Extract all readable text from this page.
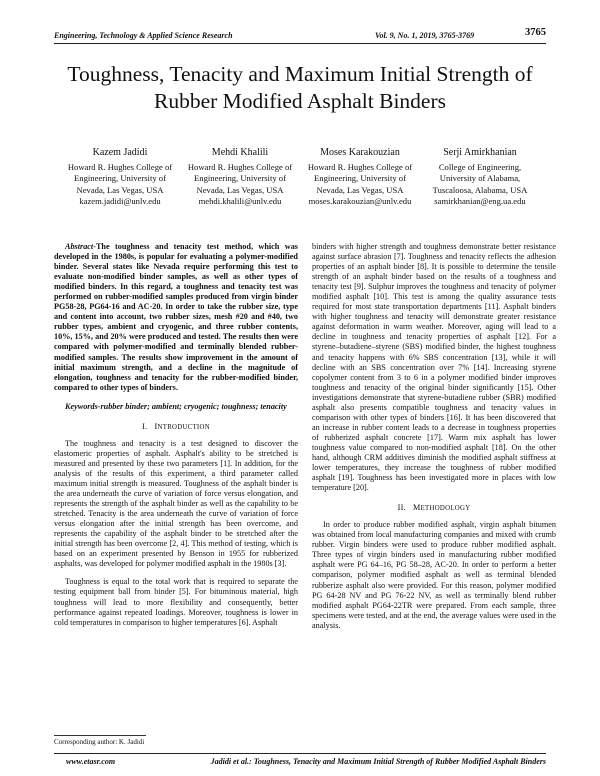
Engineering, Technology & Applied Science Research	Vol. 9, No. 1, 2019, 3765-3769	3765
Toughness, Tenacity and Maximum Initial Strength of Rubber Modified Asphalt Binders
Kazem Jadidi
Howard R. Hughes College of
Engineering, University of
Nevada, Las Vegas, USA
kazem.jadidi@unlv.edu
Mehdi Khalili
Howard R. Hughes College of
Engineering, University of
Nevada, Las Vegas, USA
mehdi.khalili@unlv.edu
Moses Karakouzian
Howard R. Hughes College of
Engineering, University of
Nevada, Las Vegas, USA
moses.karakouzian@unlv.edu
Serji Amirkhanian
College of Engineering,
University of Alabama,
Tuscaloosa, Alabama, USA
samirkhanian@eng.ua.edu

Abstract-The toughness and tenacity test method, which was developed in the 1980s, is popular for evaluating a polymer-modified binder. Several states like Nevada require performing this test to evaluate non-modified binder samples, as well as other types of modified binders. In this regard, a toughness and tenacity test was performed on rubber-modified samples produced from virgin binder PG58-28, PG64-16 and AC-20. In order to take the rubber size, type and content into account, two rubber sizes, mesh #20 and #40, two rubber types, ambient and cryogenic, and three rubber contents, 10%, 15%, and 20% were produced and tested. The results then were compared with polymer-modified and terminally blended rubber-modified samples. The results show improvement in the amount of initial maximum strength, and a decline in the magnitude of elongation, toughness and tenacity for the rubber-modified binder, compared to other types of binders.

Keywords-rubber binder; ambient; cryogenic; toughness; tenacity

I. INTRODUCTION

The toughness and tenacity is a test designed to discover the elastomeric properties of asphalt. Asphalt's ability to be stretched is measured and presented by these two parameters [1]. In addition, for the analysis of the results of this experiment, a third parameter called maximum initial strength is measured. Toughness of the asphalt binder is the area underneath the curve of variation of force versus elongation, and represents the strength of the asphalt binder as well as the capability to be stretched. Tenacity is the area underneath the curve of variation of force versus elongation after the initial strength has been overcome, and represents the capability of the asphalt binder to be stretched after the initial strength has been overcome [2, 4]. This method of testing, which is based on an experiment presented by Benson in 1955 for rubberized asphalts, was developed for polymer modified asphalt in the 1980s [3].

Toughness is equal to the total work that is required to separate the testing equipment ball from binder [5]. For bituminous material, high toughness will lead to more flexibility and consequently, better performance against repeated loadings. Moreover, toughness is lower in cold temperatures in comparison to higher temperatures [6]. Asphalt

binders with higher strength and toughness demonstrate better resistance against surface abrasion [7]. Toughness and tenacity reflects the adhesion properties of an asphalt binder [8]. It is possible to determine the tensile strength of an asphalt binder based on the results of a toughness and tenacity test [9]. Sulphur improves the toughness and tenacity of polymer modified asphalt [10]. This test is among the quality assurance tests required for most state transportation departments [11]. Asphalt binders with higher toughness and tenacity will demonstrate greater resistance against deformation in warm weather. Moreover, aging will lead to a decline in toughness and tenacity properties of asphalt [12]. For a styrene–butadiene–styrene (SBS) modified binder, the highest toughness and tenacity happens with 6% SBS concentration [13], while it will decline with an SBS concentration over 7% [14]. Increasing styrene copolymer content from 3 to 6 in a polymer modified binder improves toughness and tenacity of the original binder significantly [15]. Other investigations demonstrate that styrene-butadiene rubber (SBR) modified asphalt also presents compatible toughness and tenacity values in comparison with other types of binders [16]. It has been discovered that an increase in rubber content leads to a decrease in toughness properties of rubberized asphalt concrete [17]. Warm mix asphalt has lower toughness value compared to non-modified asphalt [18]. On the other hand, although CRM additives diminish the modified asphalt stiffness at lower temperatures, they increase the toughness of rubber modified asphalt [19]. Toughness has been investigated more in places with low temperature [20].

II. METHODOLOGY

In order to produce rubber modified asphalt, virgin asphalt bitumen was obtained from local manufacturing companies and mixed with crumb rubber. Virgin binders were used to produce rubber modified asphalt. Three types of virgin binders used in manufacturing rubber modified asphalt were PG 64–16, PG 58–28, AC-20. In order to perform a better comparison, polymer modified asphalt as well as terminal blended rubberize asphalt also were provided. For this reason, polymer modified PG 64-28 NV and PG 76-22 NV, as well as terminally blend rubber modified asphalt PG64-22TR were prepared. From each sample, three specimens were tested, and at the end, the average values were used in the analysis.

Corresponding author: K. Jadidi
www.etasr.com	Jadidi et al.: Toughness, Tenacity and Maximum Initial Strength of Rubber Modified Asphalt Binders
